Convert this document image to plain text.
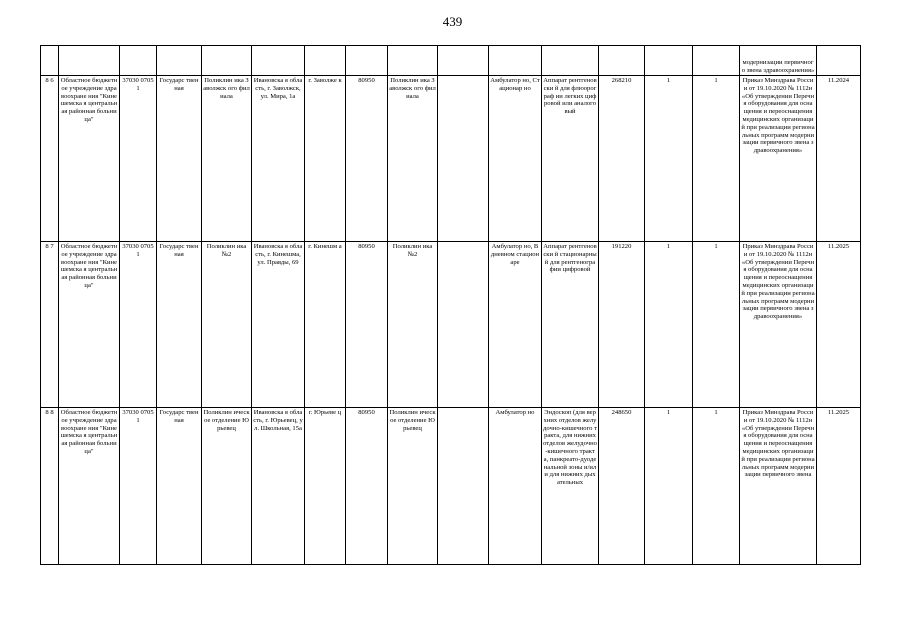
439

															модернизации первичного звена здравоохранения»	

8 6	Областное бюджетное учреждение здравоохране ния "Кинешемска я центральная районная больница"	37030 07051	Государс твенная	Поликлин ика Заволжск ого филиала	Ивановска я область, г. Заволжск, ул. Мира, 1а	г. Заволже к	80950	Поликлин ика Заволжск ого филиала		Амбулатор но, Стационар но	Аппарат рентгеновски й для флюорограф ии легких цифровой или аналоговый	268210	1	1	Приказ Минздрава России от 19.10.2020 № 1112н «Об утверждении Перечня оборудования для оснащения и переоснащения медицинских организаций при реализации региональных программ модернизации первичного звена здравоохранения»	11.2024
8 7	Областное бюджетное учреждение здравоохране ния "Кинешемска я центральная районная больница"	37030 07051	Государс твенная	Поликлин ика №2	Ивановска я область, г. Кинешма, ул. Правды, 69	г. Кинешм а	80950	Поликлин ика №2		Амбулатор но, В дневном стационаре	Аппарат рентгеновски й стационарны й для рентгеногра фии цифровой	191220	1	1	Приказ Минздрава России от 19.10.2020 № 1112н «Об утверждении Перечня оборудования для оснащения и переоснащения медицинских организаций при реализации региональных программ модернизации первичного звена здравоохранения»	11.2025
8 8	Областное бюджетное учреждение здравоохране ния "Кинешемска я центральная районная больница"	37030 07051	Государс твенная	Поликлин ическое отделение Юрьевец	Ивановска я область, г. Юрьевец, ул. Школьная, 15а	г. Юрьеве ц	80950	Поликлин ическое отделение Юрьевец		Амбулатор но	Эндоскоп (для верхних отделов желудочно-кишечного тракта, для нижних отделов желудочно-кишечного тракта, панкреато-дуоденальной зоны и/или для нижних дыхательных	248650	1	1	Приказ Минздрава России от 19.10.2020 № 1112н «Об утверждении Перечня оборудования для оснащения и переоснащения медицинских организаций при реализации региональных программ модернизации первичного звена	11.2025
